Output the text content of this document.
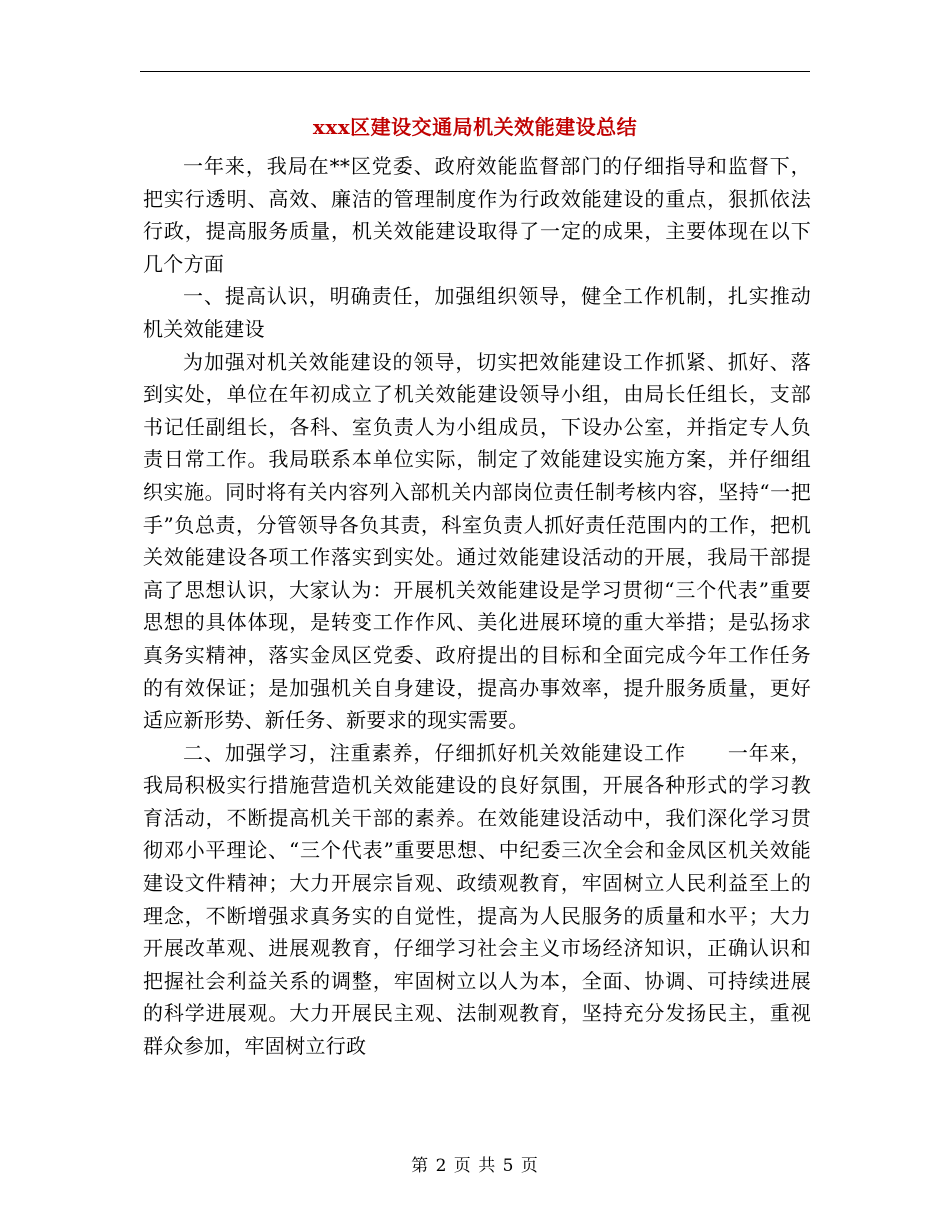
xxx区建设交通局机关效能建设总结

一年来，我局在**区党委、政府效能监督部门的仔细指导和监督下，把实行透明、高效、廉洁的管理制度作为行政效能建设的重点，狠抓依法行政，提高服务质量，机关效能建设取得了一定的成果，主要体现在以下几个方面

一、提高认识，明确责任，加强组织领导，健全工作机制，扎实推动机关效能建设

为加强对机关效能建设的领导，切实把效能建设工作抓紧、抓好、落到实处，单位在年初成立了机关效能建设领导小组，由局长任组长，支部书记任副组长，各科、室负责人为小组成员，下设办公室，并指定专人负责日常工作。我局联系本单位实际，制定了效能建设实施方案，并仔细组织实施。同时将有关内容列入部机关内部岗位责任制考核内容，坚持“一把手”负总责，分管领导各负其责，科室负责人抓好责任范围内的工作，把机关效能建设各项工作落实到实处。通过效能建设活动的开展，我局干部提高了思想认识，大家认为：开展机关效能建设是学习贯彻“三个代表”重要思想的具体体现，是转变工作作风、美化进展环境的重大举措；是弘扬求真务实精神，落实金凤区党委、政府提出的目标和全面完成今年工作任务的有效保证；是加强机关自身建设，提高办事效率，提升服务质量，更好适应新形势、新任务、新要求的现实需要。

二、加强学习，注重素养，仔细抓好机关效能建设工作　　一年来，我局积极实行措施营造机关效能建设的良好氛围，开展各种形式的学习教育活动，不断提高机关干部的素养。在效能建设活动中，我们深化学习贯彻邓小平理论、“三个代表”重要思想、中纪委三次全会和金凤区机关效能建设文件精神；大力开展宗旨观、政绩观教育，牢固树立人民利益至上的理念，不断增强求真务实的自觉性，提高为人民服务的质量和水平；大力开展改革观、进展观教育，仔细学习社会主义市场经济知识，正确认识和把握社会利益关系的调整，牢固树立以人为本，全面、协调、可持续进展的科学进展观。大力开展民主观、法制观教育，坚持充分发扬民主，重视群众参加，牢固树立行政

第 2 页 共 5 页
